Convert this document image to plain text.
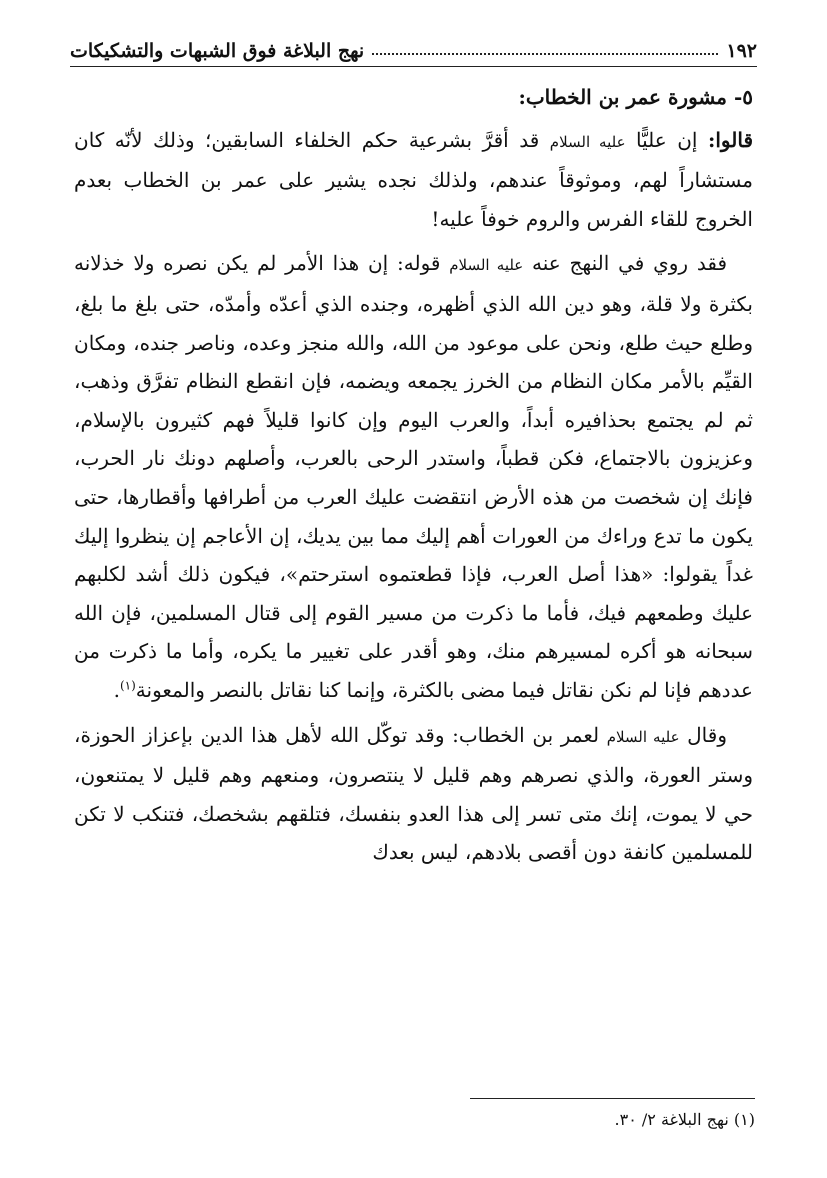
١٩٢
نهج البلاغة فوق الشبهات والتشكيكات

٥- مشورة عمر بن الخطاب:

قالوا: إن عليًّا عليه السلام قد أقرَّ بشرعية حكم الخلفاء السابقين؛ وذلك لأنّه كان مستشاراً لهم، وموثوقاً عندهم، ولذلك نجده يشير على عمر بن الخطاب بعدم الخروج للقاء الفرس والروم خوفاً عليه!

فقد روي في النهج عنه عليه السلام قوله: إن هذا الأمر لم يكن نصره ولا خذلانه بكثرة ولا قلة، وهو دين الله الذي أظهره، وجنده الذي أعدّه وأمدّه، حتى بلغ ما بلغ، وطلع حيث طلع، ونحن على موعود من الله، والله منجز وعده، وناصر جنده، ومكان القيِّم بالأمر مكان النظام من الخرز يجمعه ويضمه، فإن انقطع النظام تفرَّق وذهب، ثم لم يجتمع بحذافيره أبداً، والعرب اليوم وإن كانوا قليلاً فهم كثيرون بالإسلام، وعزيزون بالاجتماع، فكن قطباً، واستدر الرحى بالعرب، وأصلهم دونك نار الحرب، فإنك إن شخصت من هذه الأرض انتقضت عليك العرب من أطرافها وأقطارها، حتى يكون ما تدع وراءك من العورات أهم إليك مما بين يديك، إن الأعاجم إن ينظروا إليك غداً يقولوا: «هذا أصل العرب، فإذا قطعتموه استرحتم»، فيكون ذلك أشد لكلبهم عليك وطمعهم فيك، فأما ما ذكرت من مسير القوم إلى قتال المسلمين، فإن الله سبحانه هو أكره لمسيرهم منك، وهو أقدر على تغيير ما يكره، وأما ما ذكرت من عددهم فإنا لم نكن نقاتل فيما مضى بالكثرة، وإنما كنا نقاتل بالنصر والمعونة$^{(١)}$.

وقال عليه السلام لعمر بن الخطاب: وقد توكّل الله لأهل هذا الدين بإعزاز الحوزة، وستر العورة، والذي نصرهم وهم قليل لا ينتصرون، ومنعهم وهم قليل لا يمتنعون، حي لا يموت، إنك متى تسر إلى هذا العدو بنفسك، فتلقهم بشخصك، فتنكب لا تكن للمسلمين كانفة دون أقصى بلادهم، ليس بعدك

(١) نهج البلاغة ٢/ ٣٠.
